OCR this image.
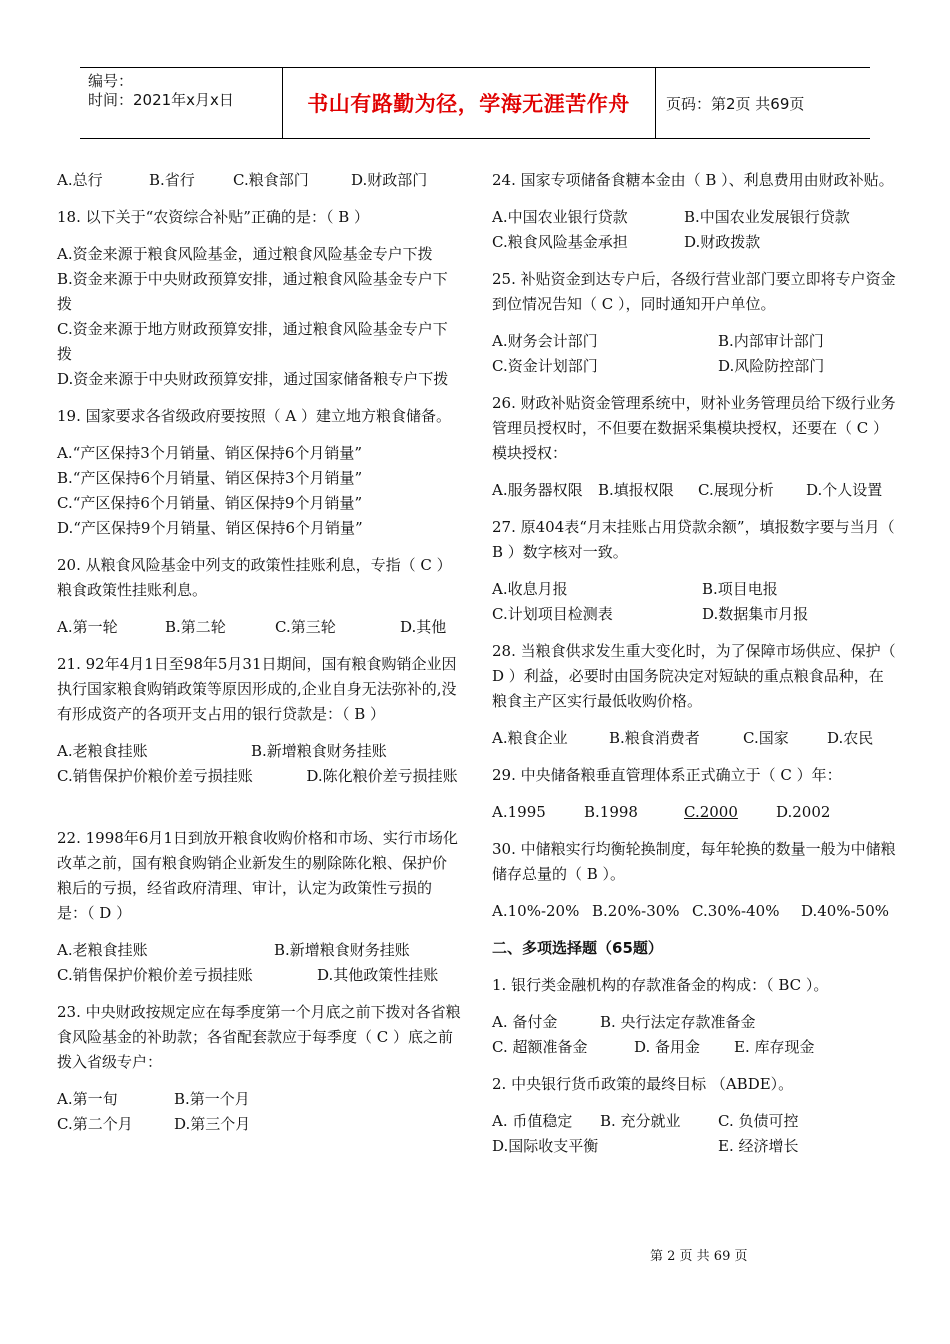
编号：
时间：2021年x月x日	书山有路勤为径，学海无涯苦作舟	页码：第2页 共69页
A.总行	B.省行	C.粮食部门	D.财政部门

18. 以下关于“农资综合补贴”正确的是：（ B ）

A.资金来源于粮食风险基金，通过粮食风险基金专户下拨
B.资金来源于中央财政预算安排，通过粮食风险基金专户下拨
C.资金来源于地方财政预算安排，通过粮食风险基金专户下拨
D.资金来源于中央财政预算安排，通过国家储备粮专户下拨

19. 国家要求各省级政府要按照（ A ）建立地方粮食储备。

A.“产区保持3个月销量、销区保持6个月销量”
B.“产区保持6个月销量、销区保持3个月销量”
C.“产区保持6个月销量、销区保持9个月销量”
D.“产区保持9个月销量、销区保持6个月销量”

20. 从粮食风险基金中列支的政策性挂账利息，专指（ C ）粮食政策性挂账利息。

A.第一轮	B.第二轮	C.第三轮	D.其他

21. 92年4月1日至98年5月31日期间，国有粮食购销企业因执行国家粮食购销政策等原因形成的,企业自身无法弥补的,没有形成资产的各项开支占用的银行贷款是：（ B ）

A.老粮食挂账	B.新增粮食财务挂账
C.销售保护价粮价差亏损挂账	D.陈化粮价差亏损挂账

22. 1998年6月1日到放开粮食收购价格和市场、实行市场化改革之前，国有粮食购销企业新发生的剔除陈化粮、保护价粮后的亏损，经省政府清理、审计，认定为政策性亏损的是：（ D ）

A.老粮食挂账	B.新增粮食财务挂账
C.销售保护价粮价差亏损挂账	D.其他政策性挂账

23. 中央财政按规定应在每季度第一个月底之前下拨对各省粮食风险基金的补助款；各省配套款应于每季度（ C ）底之前拨入省级专户：

A.第一旬	B.第一个月
C.第二个月	D.第三个月

24. 国家专项储备食糖本金由（ B ）、利息费用由财政补贴。

A.中国农业银行贷款	B.中国农业发展银行贷款
C.粮食风险基金承担	D.财政拨款

25. 补贴资金到达专户后，各级行营业部门要立即将专户资金到位情况告知（ C ），同时通知开户单位。

A.财务会计部门	B.内部审计部门
C.资金计划部门	D.风险防控部门

26. 财政补贴资金管理系统中，财补业务管理员给下级行业务管理员授权时，不但要在数据采集模块授权，还要在（ C ）模块授权：

A.服务器权限	B.填报权限	C.展现分析	D.个人设置

27. 原404表“月末挂账占用贷款余额”，填报数字要与当月（ B ）数字核对一致。

A.收息月报	B.项目电报
C.计划项目检测表	D.数据集市月报

28. 当粮食供求发生重大变化时，为了保障市场供应、保护（ D ）利益，必要时由国务院决定对短缺的重点粮食品种，在粮食主产区实行最低收购价格。

A.粮食企业	B.粮食消费者	C.国家	D.农民

29. 中央储备粮垂直管理体系正式确立于（ C ）年：

A.1995	B.1998	C.2000	D.2002

30. 中储粮实行均衡轮换制度，每年轮换的数量一般为中储粮储存总量的（ B ）。

A.10%-20% B.20%-30% C.30%-40%	D.40%-50%

二、多项选择题（65题）

1. 银行类金融机构的存款准备金的构成：（ BC ）。

A. 备付金	B. 央行法定存款准备金
C. 超额准备金	D. 备用金	E. 库存现金

2. 中央银行货币政策的最终目标 （ABDE）。

A. 币值稳定	B. 充分就业	C. 负债可控
D.国际收支平衡	E. 经济增长
第 2 页 共 69 页
